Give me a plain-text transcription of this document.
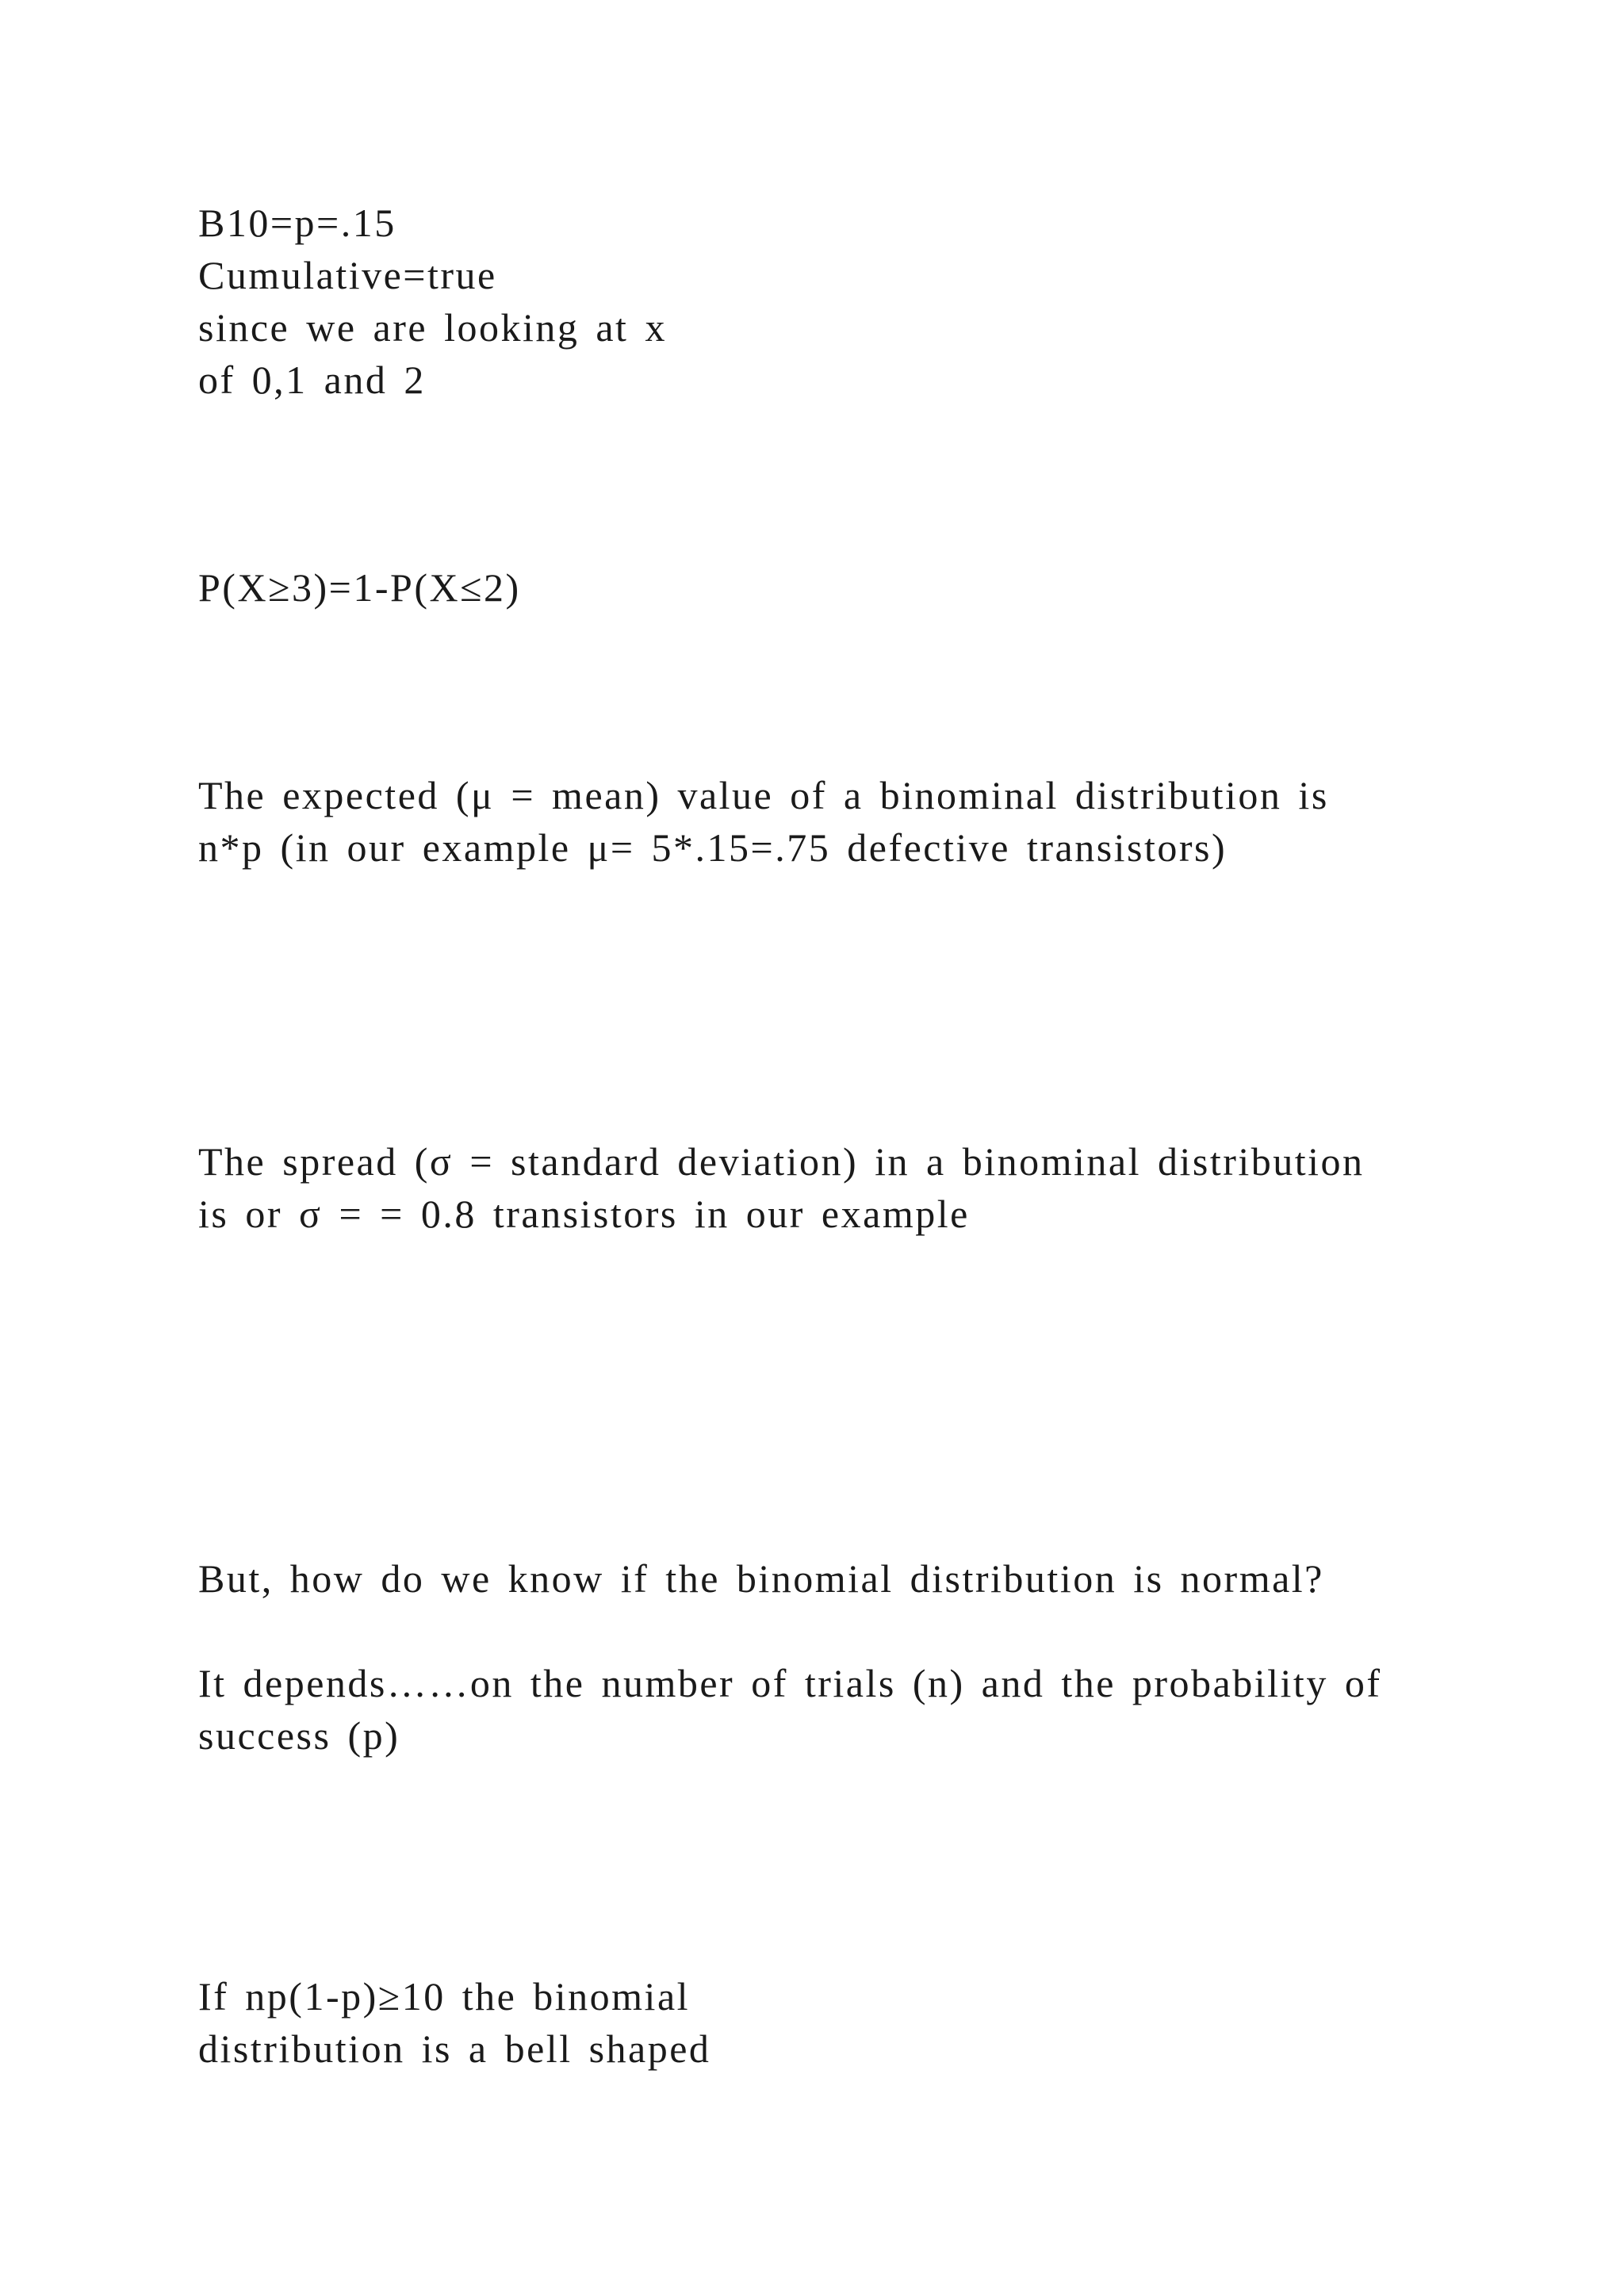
B10=p=.15
Cumulative=true
since we are looking at x
of 0,1 and 2
P(X≥3)=1-P(X≤2)
The expected (μ = mean) value of a binominal distribution is
n*p (in our example μ= 5*.15=.75 defective transistors)
The spread (σ = standard deviation) in a binominal distribution
is or σ = = 0.8 transistors in our example
But, how do we know if the binomial distribution is normal?
It depends……on the number of trials (n) and the probability of
success (p)
If np(1-p)≥10 the binomial
distribution is a bell shaped
